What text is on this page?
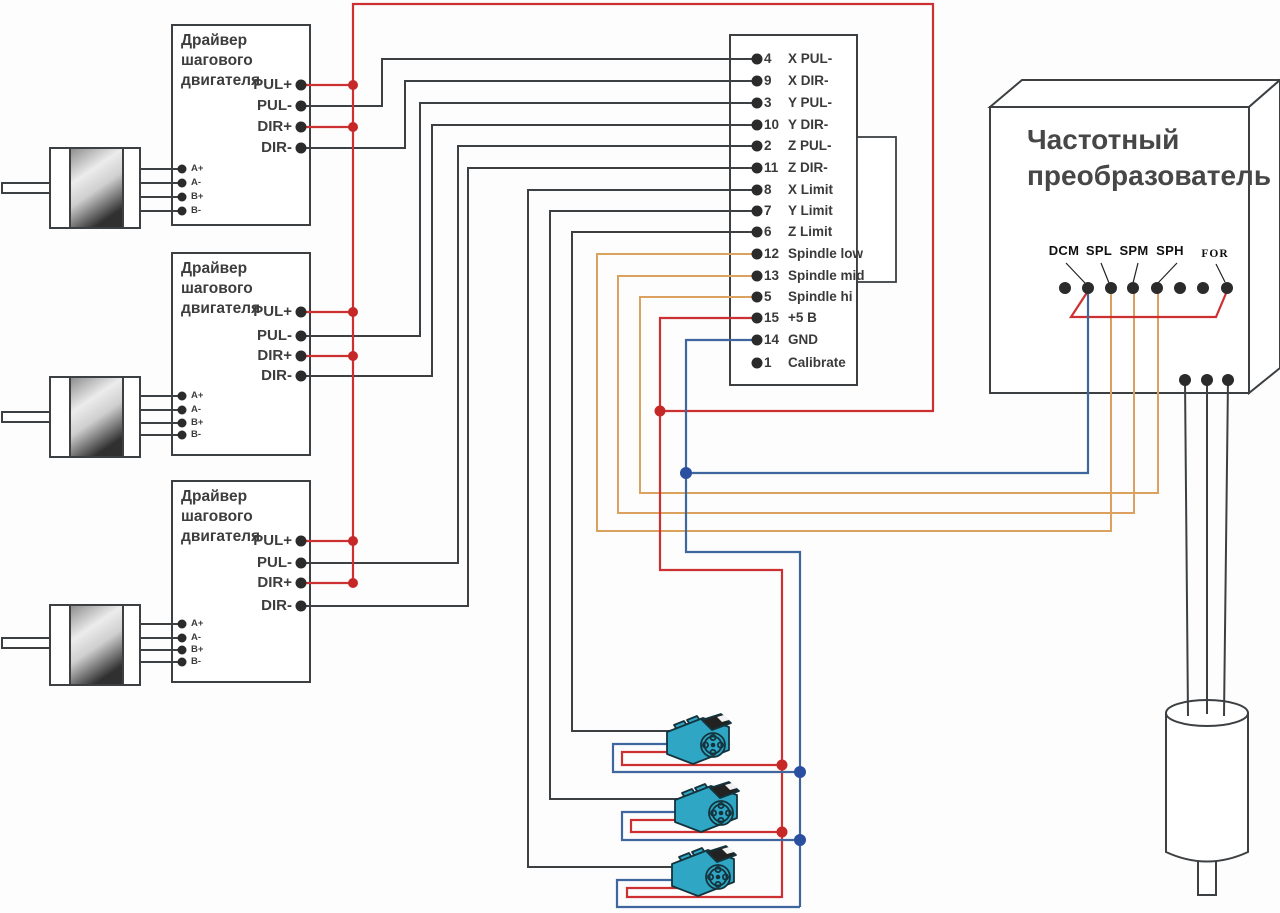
Драйвер шагового
двигателя
PUL+
PUL-
DIR+
DIR-
A+
A-
B+
B-
Драйвер шагового
двигателя
PUL+
PUL-
DIR+
DIR-
A+
A-
B+
B-
Драйвер шагового
двигателя
PUL+
PUL-
DIR+
DIR-
A+
A-
B+
B-
4 X PUL-
9 X DIR-
3 Y PUL-
10 Y DIR-
2 Z PUL-
11 Z DIR-
8 X Limit
7 Y Limit
6 Z Limit
12 Spindle low
13 Spindle mid
5 Spindle hi
15 +5 В
14 GND
1 Calibrate
Частотный
преобразователь
DCM SPL SPM SPH	FOR
